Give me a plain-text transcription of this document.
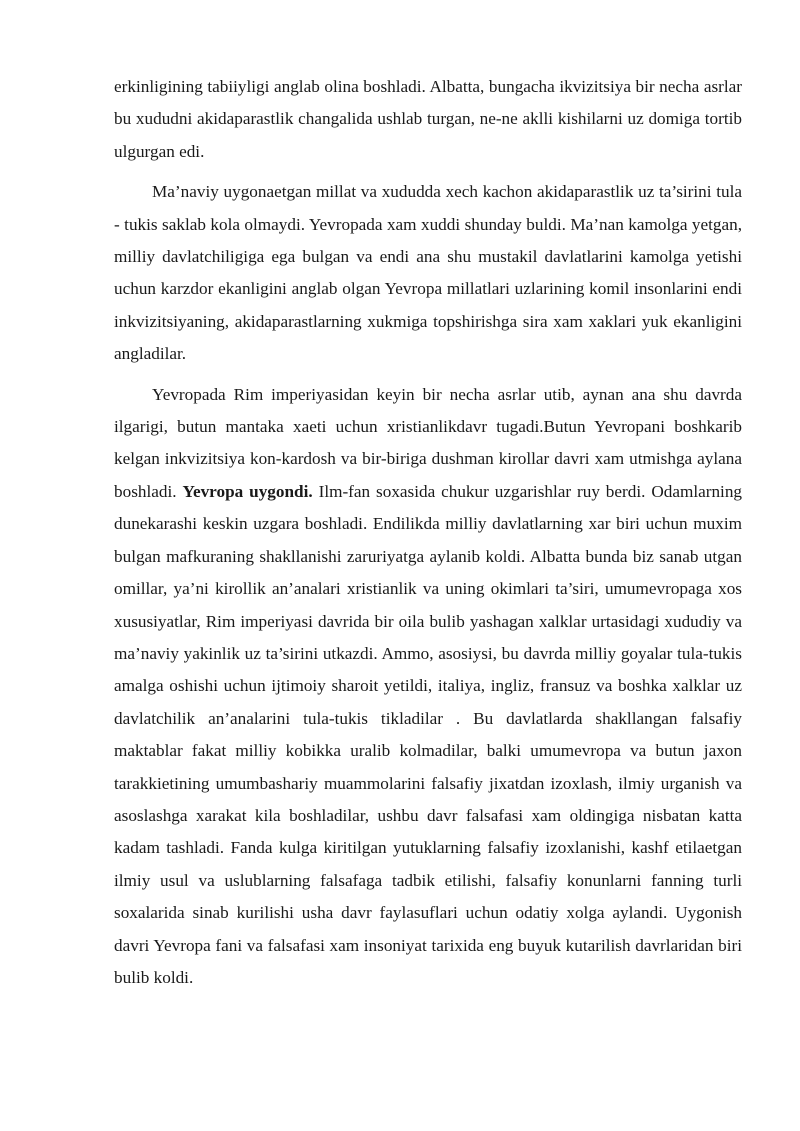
erkinligining tabiiyligi anglab olina boshladi. Albatta, bungacha ikvizitsiya bir necha asrlar bu xududni akidaparastlik changalida ushlab turgan, ne-ne aklli kishilarni uz domiga tortib ulgurgan edi.

Ma’naviy uygonaetgan millat va xududda xech kachon akidaparastlik uz ta’sirini tula - tukis saklab kola olmaydi. Yevropada xam xuddi shunday buldi. Ma’nan kamolga yetgan, milliy davlatchiligiga ega bulgan va endi ana shu mustakil davlatlarini kamolga yetishi uchun karzdor ekanligini anglab olgan Yevropa millatlari uzlarining komil insonlarini endi inkvizitsiyaning, akidaparastlarning xukmiga topshirishga sira xam xaklari yuk ekanligini angladilar.

Yevropada Rim imperiyasidan keyin bir necha asrlar utib, aynan ana shu davrda ilgarigi, butun mantaka xaeti uchun xristianlikdavr tugadi.Butun Yevropani boshkarib kelgan inkvizitsiya kon-kardosh va bir-biriga dushman kirollar davri xam utmishga aylana boshladi. Yevropa uygondi. Ilm-fan soxasida chukur uzgarishlar ruy berdi. Odamlarning dunekarashi keskin uzgara boshladi. Endilikda milliy davlatlarning xar biri uchun muxim bulgan mafkuraning shakllanishi zaruriyatga aylanib koldi. Albatta bunda biz sanab utgan omillar, ya’ni kirollik an’analari xristianlik va uning okimlari ta’siri, umumevropaga xos xususiyatlar, Rim imperiyasi davrida bir oila bulib yashagan xalklar urtasidagi xududiy va ma’naviy yakinlik uz ta’sirini utkazdi. Ammo, asosiysi, bu davrda milliy goyalar tula-tukis amalga oshishi uchun ijtimoiy sharoit yetildi, italiya, ingliz, fransuz va boshka xalklar uz davlatchilik an’analarini tula-tukis tikladilar . Bu davlatlarda shakllangan falsafiy maktablar fakat milliy kobikka uralib kolmadilar, balki umumevropa va butun jaxon tarakkietining umumbashariy muammolarini falsafiy jixatdan izoxlash, ilmiy urganish va asoslashga xarakat kila boshladilar, ushbu davr falsafasi xam oldingiga nisbatan katta kadam tashladi. Fanda kulga kiritilgan yutuklarning falsafiy izoxlanishi, kashf etilaetgan ilmiy usul va uslublarning falsafaga tadbik etilishi, falsafiy konunlarni fanning turli soxalarida sinab kurilishi usha davr faylasuflari uchun odatiy xolga aylandi. Uygonish davri Yevropa fani va falsafasi xam insoniyat tarixida eng buyuk kutarilish davrlaridan biri bulib koldi.
